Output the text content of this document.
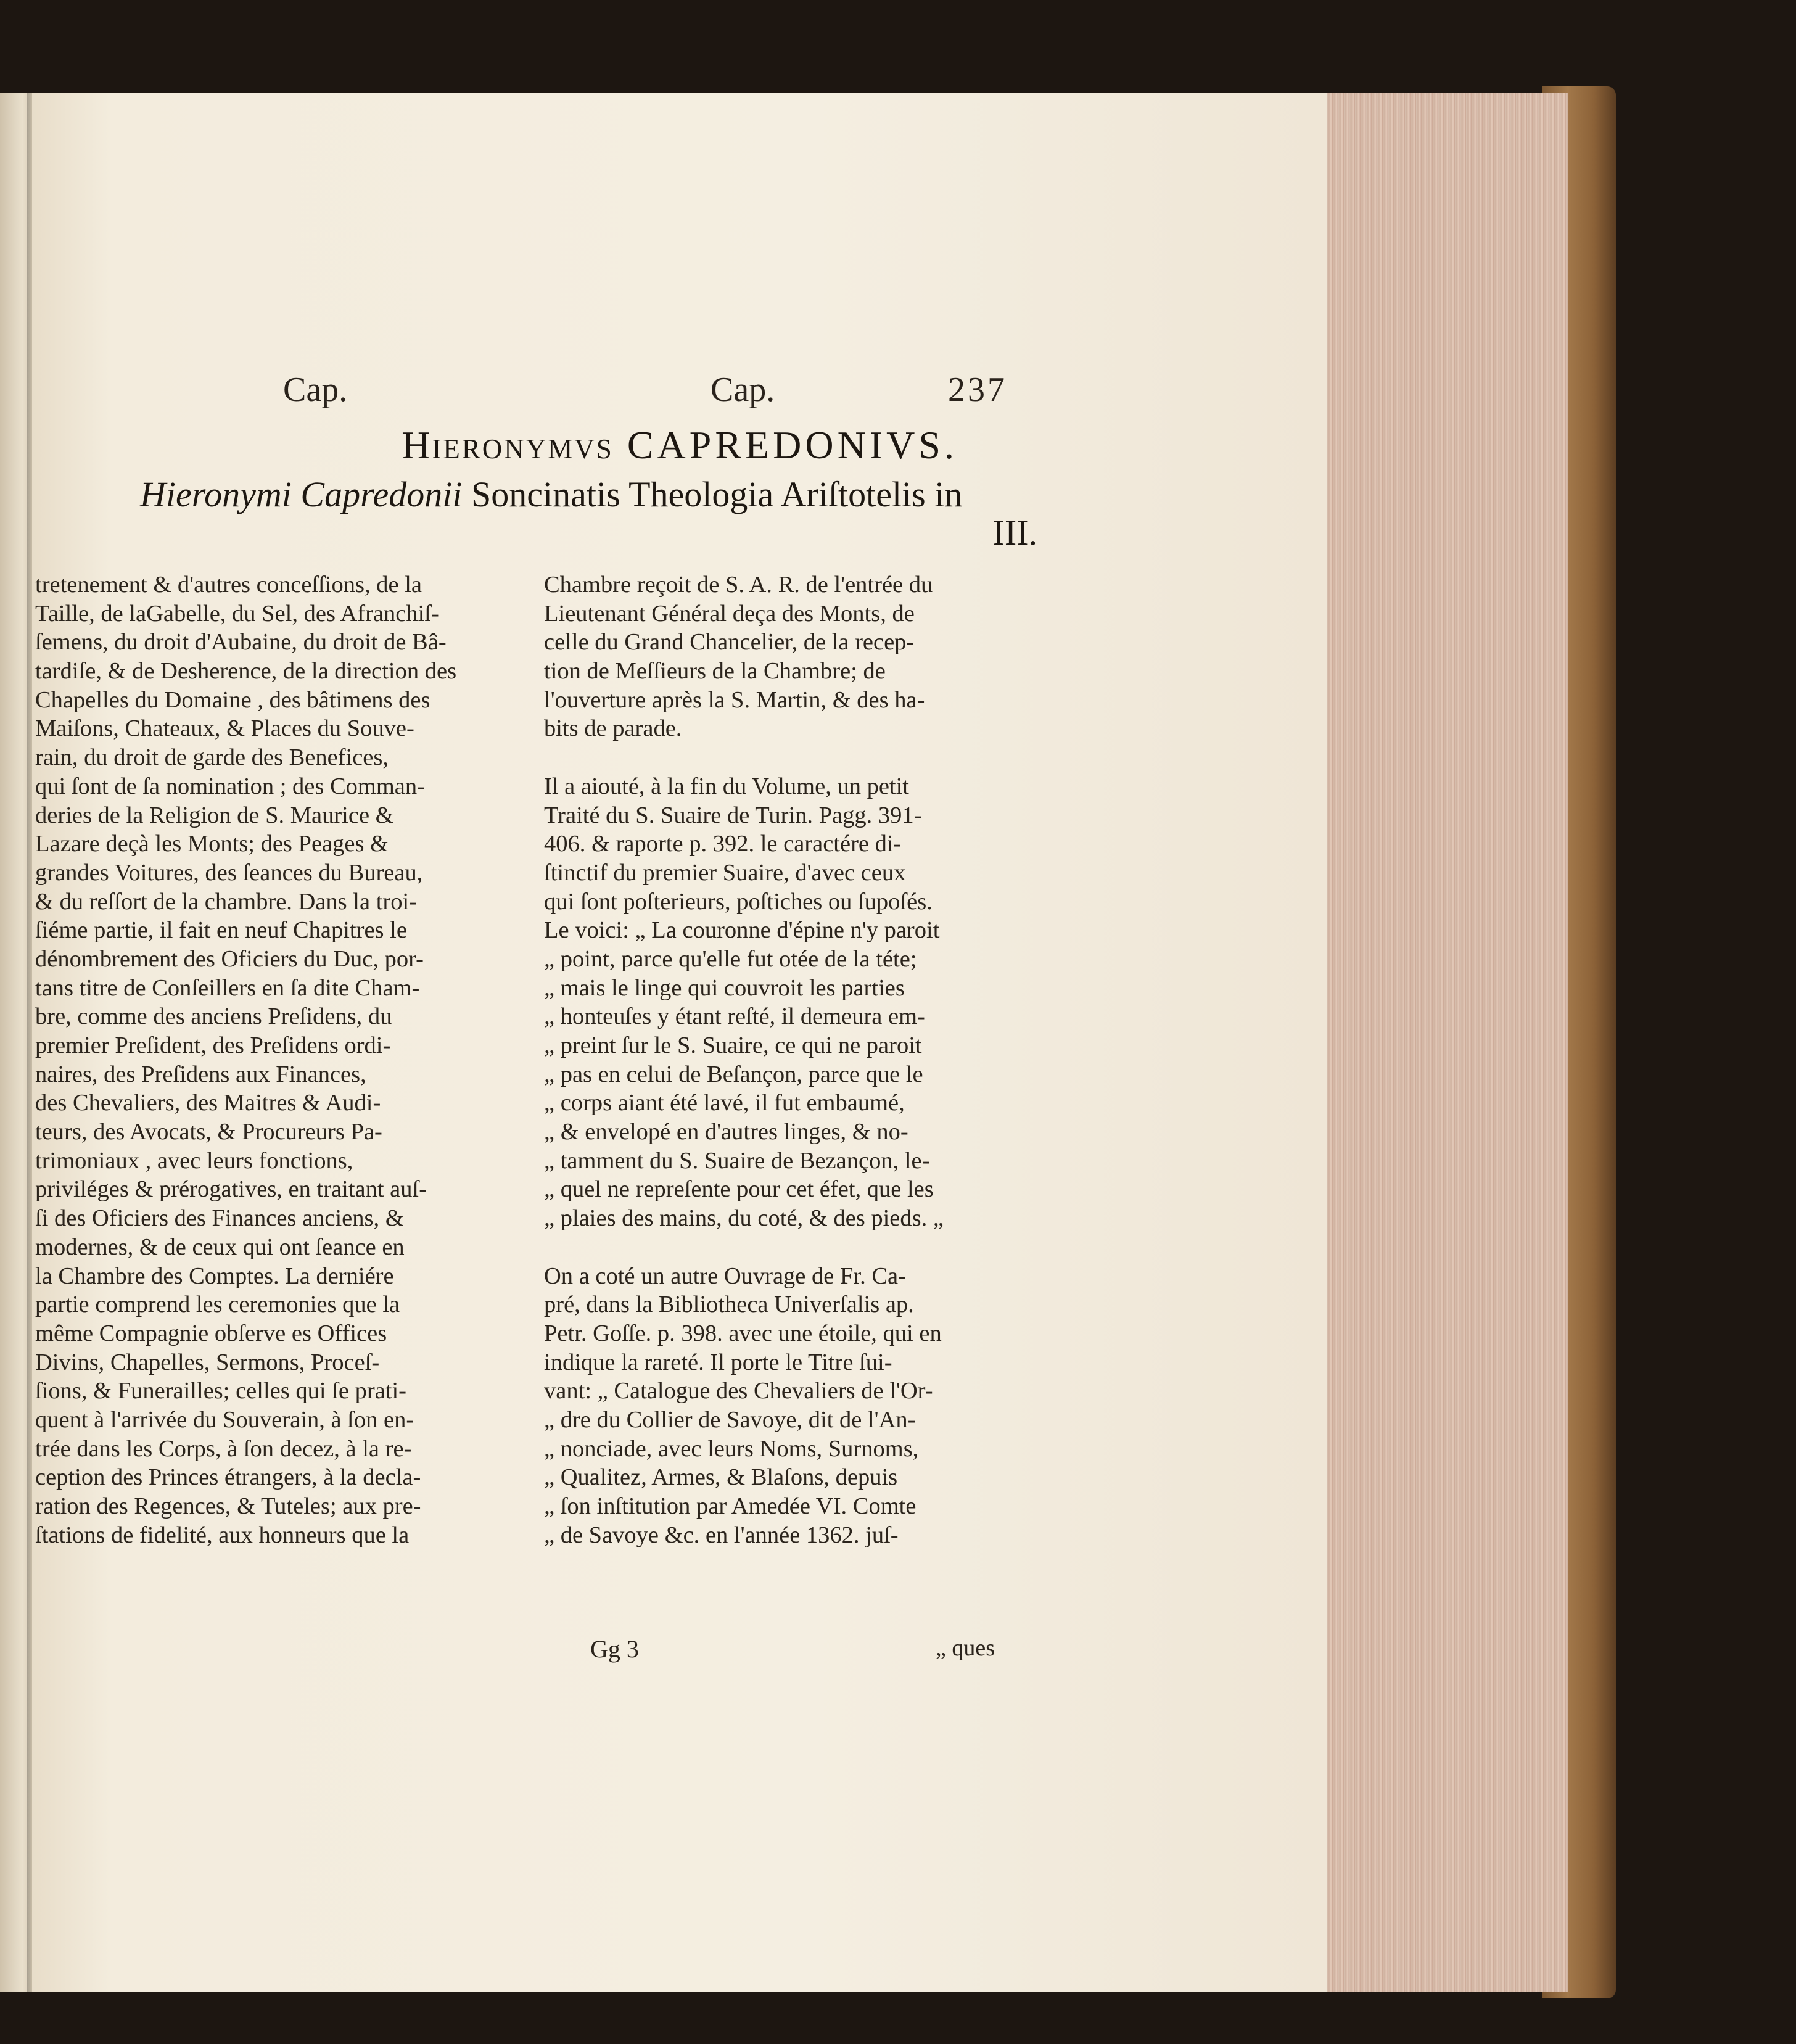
Cap.	Cap.	237
Hieronymvs CAPREDONIVS.
Hieronymi Capredonii Soncinatis Theologia Ariſtotelis in
III.
tretenement & d'autres conceſſions, de la
Taille, de laGabelle, du Sel, des Afranchiſ-
ſemens, du droit d'Aubaine, du droit de Bâ-
tardiſe, & de Desherence, de la direction des
Chapelles du Domaine , des bâtimens des
Maiſons, Chateaux, & Places du Souve-
rain, du droit de garde des Benefices,
qui ſont de ſa nomination ; des Comman-
deries de la Religion de S. Maurice &
Lazare deçà les Monts; des Peages &
grandes Voitures, des ſeances du Bureau,
& du reſſort de la chambre. Dans la troi-
ſiéme partie, il fait en neuf Chapitres le
dénombrement des Oficiers du Duc, por-
tans titre de Conſeillers en ſa dite Cham-
bre, comme des anciens Preſidens, du
premier Preſident, des Preſidens ordi-
naires, des Preſidens aux Finances,
des Chevaliers, des Maitres & Audi-
teurs, des Avocats, & Procureurs Pa-
trimoniaux , avec leurs fonctions,
priviléges & prérogatives, en traitant auſ-
ſi des Oficiers des Finances anciens, &
modernes, & de ceux qui ont ſeance en
la Chambre des Comptes. La derniére
partie comprend les ceremonies que la
même Compagnie obſerve es Offices
Divins, Chapelles, Sermons, Proceſ-
ſions, & Funerailles; celles qui ſe prati-
quent à l'arrivée du Souverain, à ſon en-
trée dans les Corps, à ſon decez, à la re-
ception des Princes étrangers, à la decla-
ration des Regences, & Tuteles; aux pre-
ſtations de fidelité, aux honneurs que la
Chambre reçoit de S. A. R. de l'entrée du
Lieutenant Général deça des Monts, de
celle du Grand Chancelier, de la recep-
tion de Meſſieurs de la Chambre; de
l'ouverture après la S. Martin, & des ha-
bits de parade.
Il a aiouté, à la fin du Volume, un petit
Traité du S. Suaire de Turin. Pagg. 391-
406. & raporte p. 392. le caractére di-
ſtinctif du premier Suaire, d'avec ceux
qui ſont poſterieurs, poſtiches ou ſupoſés.
Le voici: „ La couronne d'épine n'y paroit
„ point, parce qu'elle fut otée de la téte;
„ mais le linge qui couvroit les parties
„ honteuſes y étant reſté, il demeura em-
„ preint ſur le S. Suaire, ce qui ne paroit
„ pas en celui de Beſançon, parce que le
„ corps aiant été lavé, il fut embaumé,
„ & envelopé en d'autres linges, & no-
„ tamment du S. Suaire de Bezançon, le-
„ quel ne repreſente pour cet éfet, que les
„ plaies des mains, du coté, & des pieds. „
On a coté un autre Ouvrage de Fr. Ca-
pré, dans la Bibliotheca Univerſalis ap.
Petr. Goſſe. p. 398. avec une étoile, qui en
indique la rareté. Il porte le Titre ſui-
vant: „ Catalogue des Chevaliers de l'Or-
„ dre du Collier de Savoye, dit de l'An-
„ nonciade, avec leurs Noms, Surnoms,
„ Qualitez, Armes, & Blaſons, depuis
„ ſon inſtitution par Amedée VI. Comte
„ de Savoye &c. en l'année 1362. juſ-
Gg 3	„ ques
